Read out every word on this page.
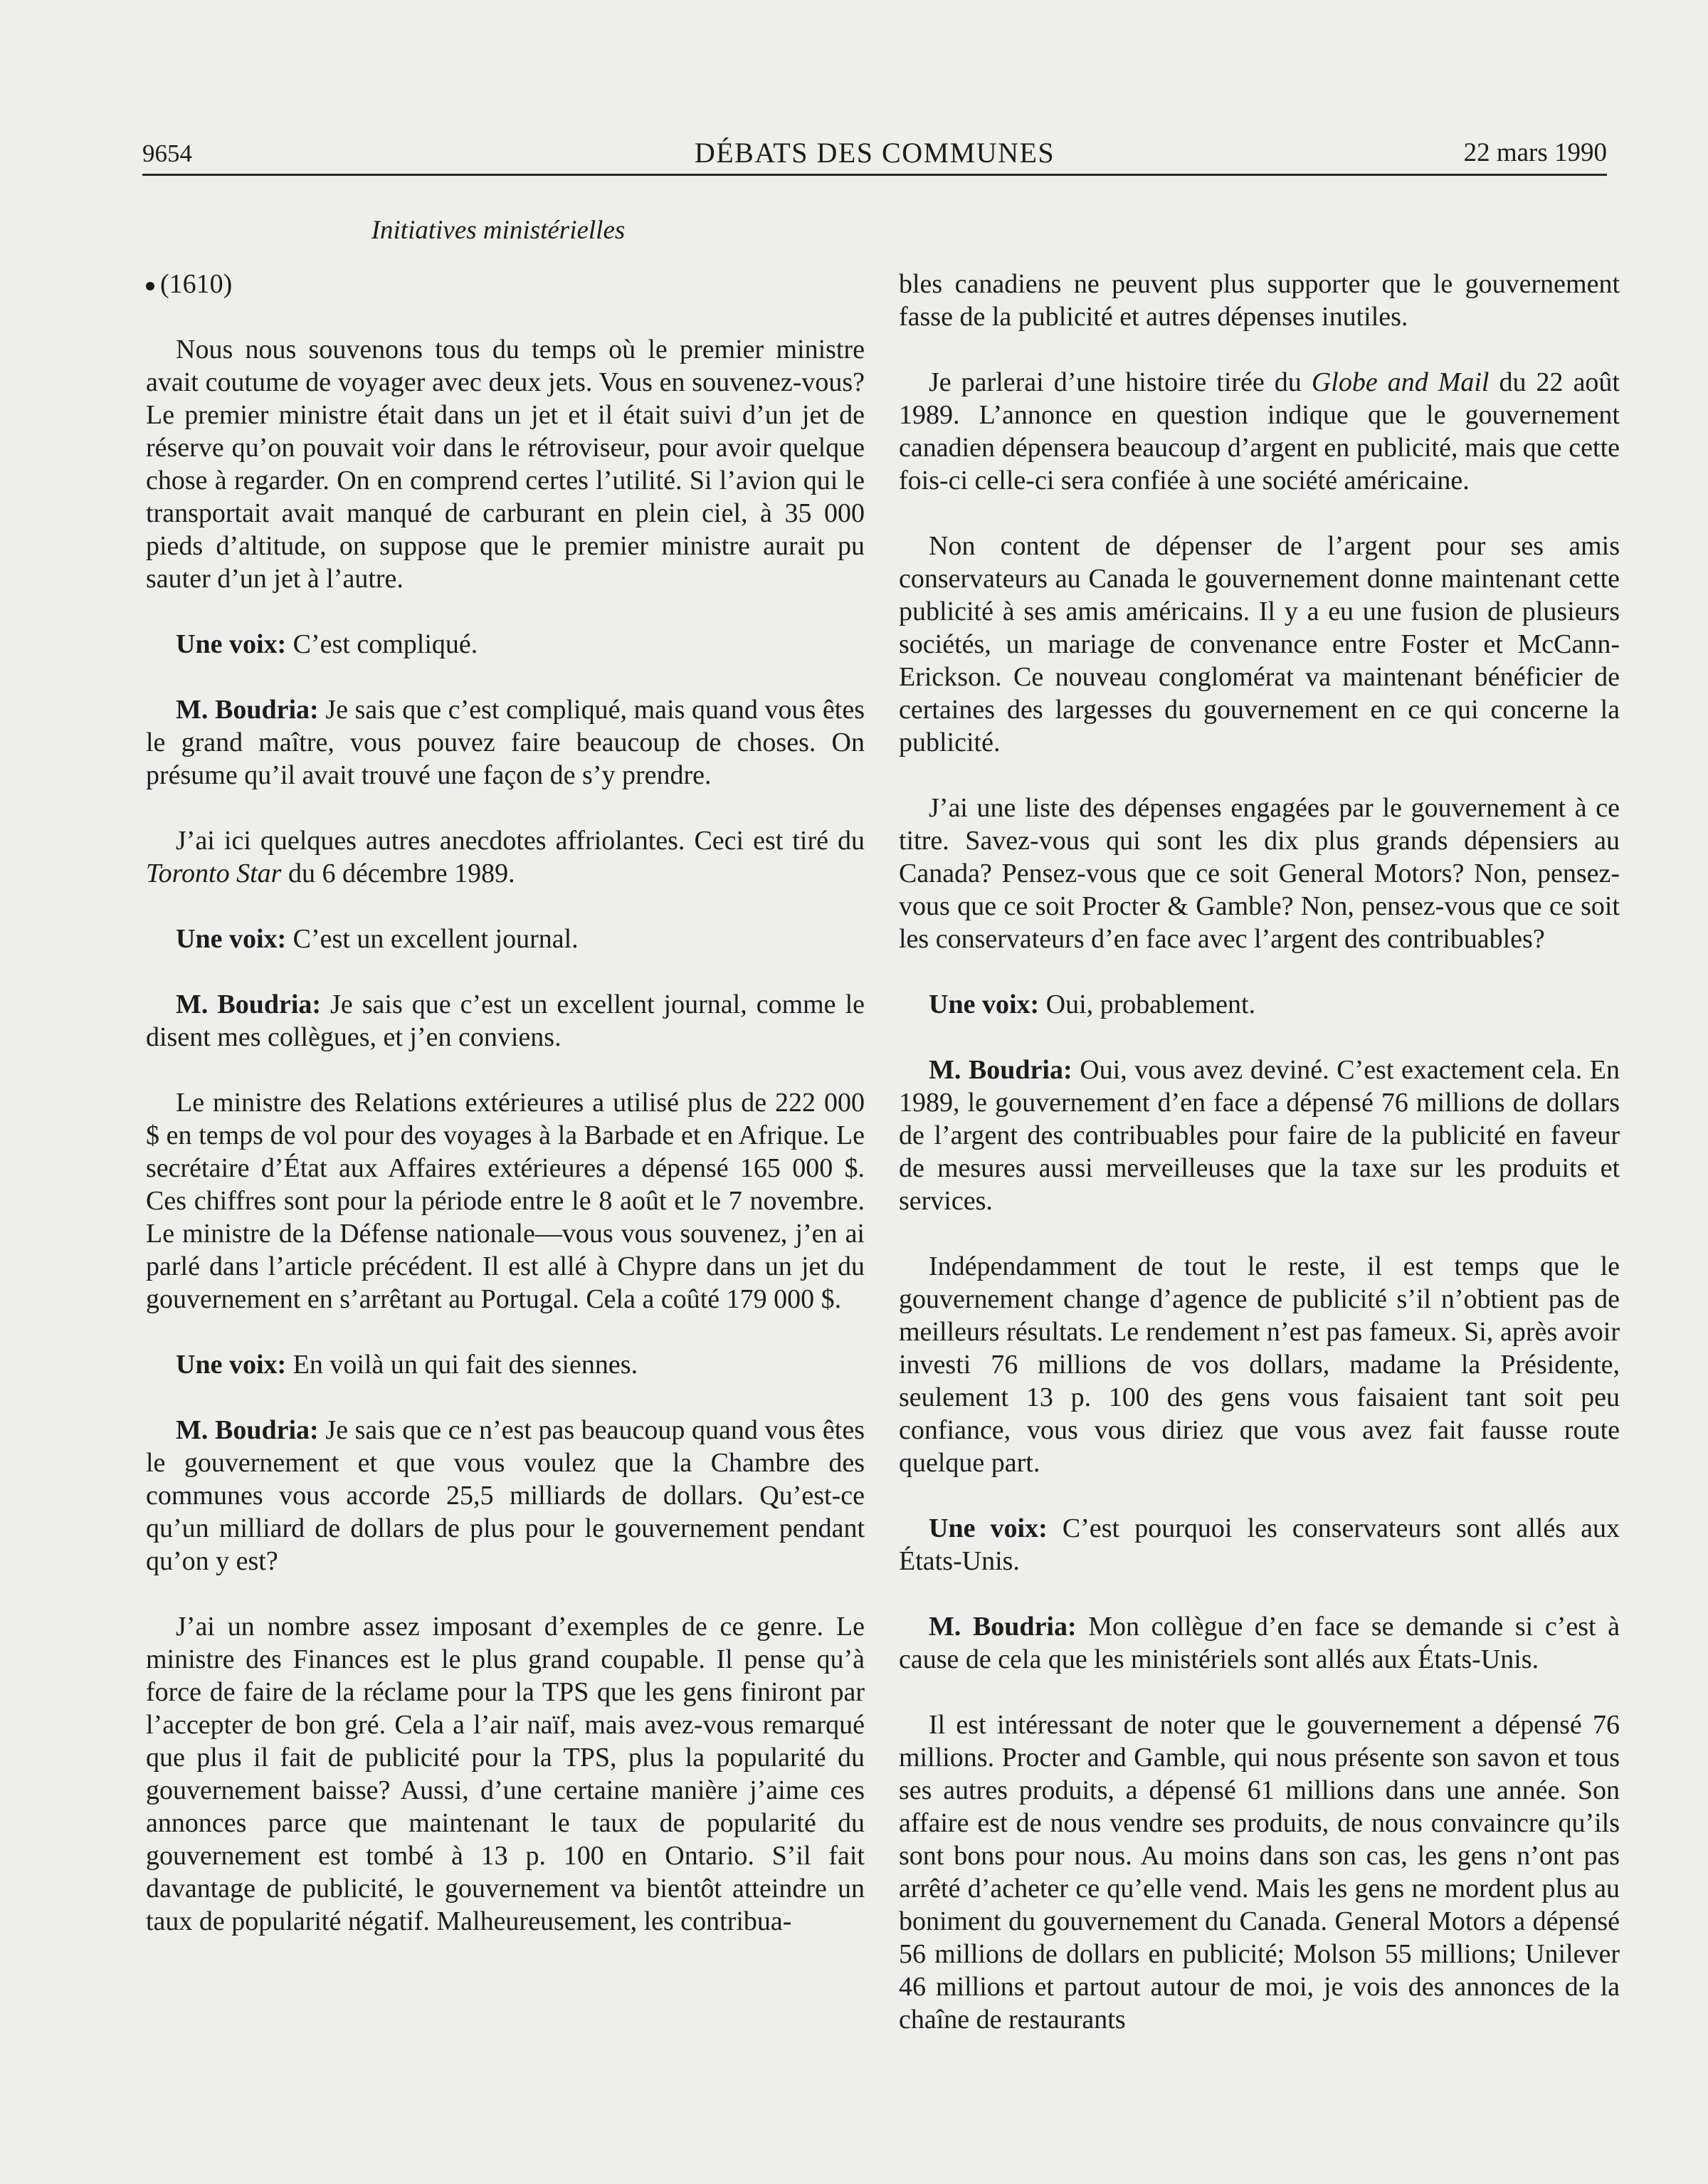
9654	DÉBATS DES COMMUNES	22 mars 1990
Initiatives ministérielles

(1610)

Nous nous souvenons tous du temps où le premier ministre avait coutume de voyager avec deux jets. Vous en souvenez-vous? Le premier ministre était dans un jet et il était suivi d’un jet de réserve qu’on pouvait voir dans le rétroviseur, pour avoir quelque chose à regarder. On en comprend certes l’utilité. Si l’avion qui le transportait avait manqué de carburant en plein ciel, à 35 000 pieds d’altitude, on suppose que le premier ministre aurait pu sauter d’un jet à l’autre.

Une voix: C’est compliqué.

M. Boudria: Je sais que c’est compliqué, mais quand vous êtes le grand maître, vous pouvez faire beaucoup de choses. On présume qu’il avait trouvé une façon de s’y prendre.

J’ai ici quelques autres anecdotes affriolantes. Ceci est tiré du Toronto Star du 6 décembre 1989.

Une voix: C’est un excellent journal.

M. Boudria: Je sais que c’est un excellent journal, comme le disent mes collègues, et j’en conviens.

Le ministre des Relations extérieures a utilisé plus de 222 000 $ en temps de vol pour des voyages à la Barbade et en Afrique. Le secrétaire d’État aux Affaires extérieures a dépensé 165 000 $. Ces chiffres sont pour la période entre le 8 août et le 7 novembre. Le ministre de la Défense nationale—vous vous souvenez, j’en ai parlé dans l’article précédent. Il est allé à Chypre dans un jet du gouvernement en s’arrêtant au Portugal. Cela a coûté 179 000 $.

Une voix: En voilà un qui fait des siennes.

M. Boudria: Je sais que ce n’est pas beaucoup quand vous êtes le gouvernement et que vous voulez que la Chambre des communes vous accorde 25,5 milliards de dollars. Qu’est-ce qu’un milliard de dollars de plus pour le gouvernement pendant qu’on y est?

J’ai un nombre assez imposant d’exemples de ce genre. Le ministre des Finances est le plus grand coupable. Il pense qu’à force de faire de la réclame pour la TPS que les gens finiront par l’accepter de bon gré. Cela a l’air naïf, mais avez-vous remarqué que plus il fait de publicité pour la TPS, plus la popularité du gouvernement baisse? Aussi, d’une certaine manière j’aime ces annonces parce que maintenant le taux de popularité du gouvernement est tombé à 13 p. 100 en Ontario. S’il fait davantage de publicité, le gouvernement va bientôt atteindre un taux de popularité négatif. Malheureusement, les contribua-

bles canadiens ne peuvent plus supporter que le gouvernement fasse de la publicité et autres dépenses inutiles.

Je parlerai d’une histoire tirée du Globe and Mail du 22 août 1989. L’annonce en question indique que le gouvernement canadien dépensera beaucoup d’argent en publicité, mais que cette fois-ci celle-ci sera confiée à une société américaine.

Non content de dépenser de l’argent pour ses amis conservateurs au Canada le gouvernement donne maintenant cette publicité à ses amis américains. Il y a eu une fusion de plusieurs sociétés, un mariage de convenance entre Foster et McCann-Erickson. Ce nouveau conglomérat va maintenant bénéficier de certaines des largesses du gouvernement en ce qui concerne la publicité.

J’ai une liste des dépenses engagées par le gouvernement à ce titre. Savez-vous qui sont les dix plus grands dépensiers au Canada? Pensez-vous que ce soit General Motors? Non, pensez-vous que ce soit Procter & Gamble? Non, pensez-vous que ce soit les conservateurs d’en face avec l’argent des contribuables?

Une voix: Oui, probablement.

M. Boudria: Oui, vous avez deviné. C’est exactement cela. En 1989, le gouvernement d’en face a dépensé 76 millions de dollars de l’argent des contribuables pour faire de la publicité en faveur de mesures aussi merveilleuses que la taxe sur les produits et services.

Indépendamment de tout le reste, il est temps que le gouvernement change d’agence de publicité s’il n’obtient pas de meilleurs résultats. Le rendement n’est pas fameux. Si, après avoir investi 76 millions de vos dollars, madame la Présidente, seulement 13 p. 100 des gens vous faisaient tant soit peu confiance, vous vous diriez que vous avez fait fausse route quelque part.

Une voix: C’est pourquoi les conservateurs sont allés aux États-Unis.

M. Boudria: Mon collègue d’en face se demande si c’est à cause de cela que les ministériels sont allés aux États-Unis.

Il est intéressant de noter que le gouvernement a dépensé 76 millions. Procter and Gamble, qui nous présente son savon et tous ses autres produits, a dépensé 61 millions dans une année. Son affaire est de nous vendre ses produits, de nous convaincre qu’ils sont bons pour nous. Au moins dans son cas, les gens n’ont pas arrêté d’acheter ce qu’elle vend. Mais les gens ne mordent plus au boniment du gouvernement du Canada. General Motors a dépensé 56 millions de dollars en publicité; Molson 55 millions; Unilever 46 millions et partout autour de moi, je vois des annonces de la chaîne de restaurants
